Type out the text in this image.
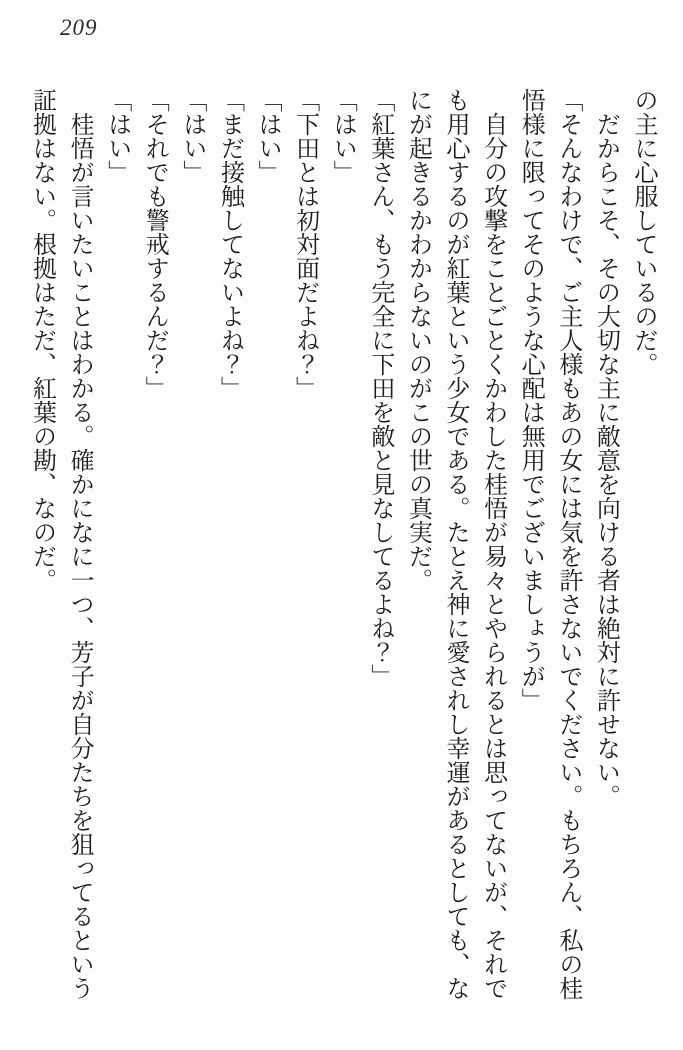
209

の主に心服しているのだ。

だからこそ、その大切な主に敵意を向ける者は絶対に許せない。

「そんなわけで、ご主人様もあの女には気を許さないでください。もちろん、私の桂

悟様に限ってそのような心配は無用でございましょうが」

自分の攻撃をことごとくかわした桂悟が易々とやられるとは思ってないが、それで

も用心するのが紅葉という少女である。たとえ神に愛されし幸運があるとしても、な

にが起きるかわからないのがこの世の真実だ。

「紅葉さん、もう完全に下田を敵と見なしてるよね？」

「はい」

「下田とは初対面だよね？」

「はい」

「まだ接触してないよね？」

「はい」

「それでも警戒するんだ？」

「はい」

桂悟が言いたいことはわかる。確かになに一つ、芳子が自分たちを狙ってるという

証拠はない。根拠はただ、紅葉の勘、なのだ。
